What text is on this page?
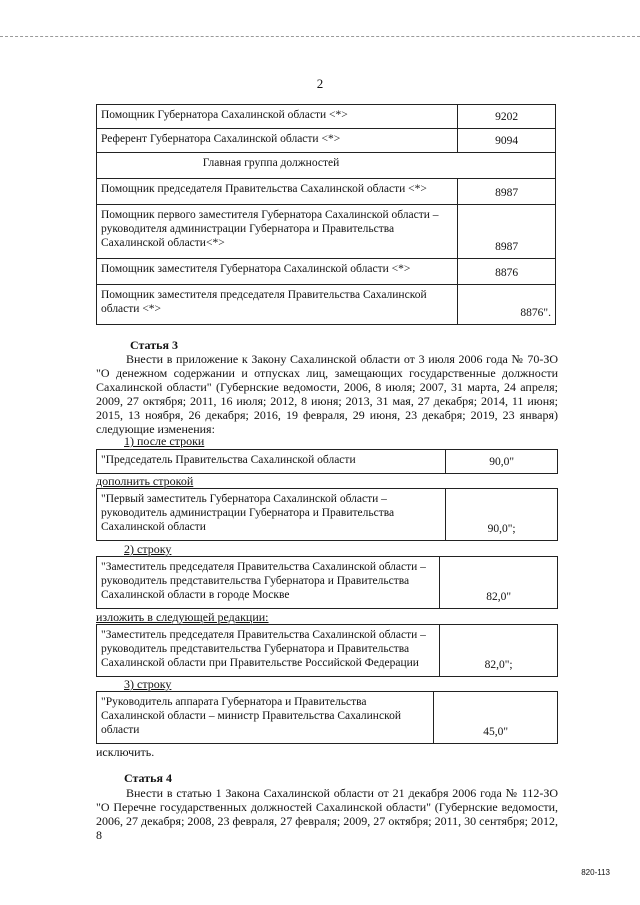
2
Помощник Губернатора Сахалинской области <*>	9202
Референт Губернатора Сахалинской области <*>	9094
Главная группа должностей	
Помощник председателя Правительства Сахалинской области <*>	8987
Помощник первого заместителя Губернатора Сахалинской области – руководителя администрации Губернатора и Правительства Сахалинской области<*>	8987
Помощник заместителя Губернатора Сахалинской области <*>	8876
Помощник заместителя председателя Правительства Сахалинской области <*>	8876".
Статья 3
Внести в приложение к Закону Сахалинской области от 3 июля 2006 года № 70-ЗО "О денежном содержании и отпусках лиц, замещающих государственные должности Сахалинской области" (Губернские ведомости, 2006, 8 июля; 2007, 31 марта, 24 апреля; 2009, 27 октября; 2011, 16 июля; 2012, 8 июня; 2013, 31 мая, 27 декабря; 2014, 11 июня; 2015, 13 ноября, 26 декабря; 2016, 19 февраля, 29 июня, 23 декабря; 2019, 23 января) следующие изменения:
1) после строки
"Председатель Правительства Сахалинской области	90,0"
дополнить строкой
"Первый заместитель Губернатора Сахалинской области – руководитель администрации Губернатора и Правительства Сахалинской области	90,0";
2) строку
"Заместитель председателя Правительства Сахалинской области – руководитель представительства Губернатора и Правительства Сахалинской области в городе Москве	82,0"
изложить в следующей редакции:
"Заместитель председателя Правительства Сахалинской области – руководитель представительства Губернатора и Правительства Сахалинской области при Правительстве Российской Федерации	82,0";
3) строку
"Руководитель аппарата Губернатора и Правительства Сахалинской области – министр Правительства Сахалинской области	45,0"
исключить.
Статья 4
Внести в статью 1 Закона Сахалинской области от 21 декабря 2006 года № 112-ЗО "О Перечне государственных должностей Сахалинской области" (Губернские ведомости, 2006, 27 декабря; 2008, 23 февраля, 27 февраля; 2009, 27 октября; 2011, 30 сентября; 2012, 8
820-113
